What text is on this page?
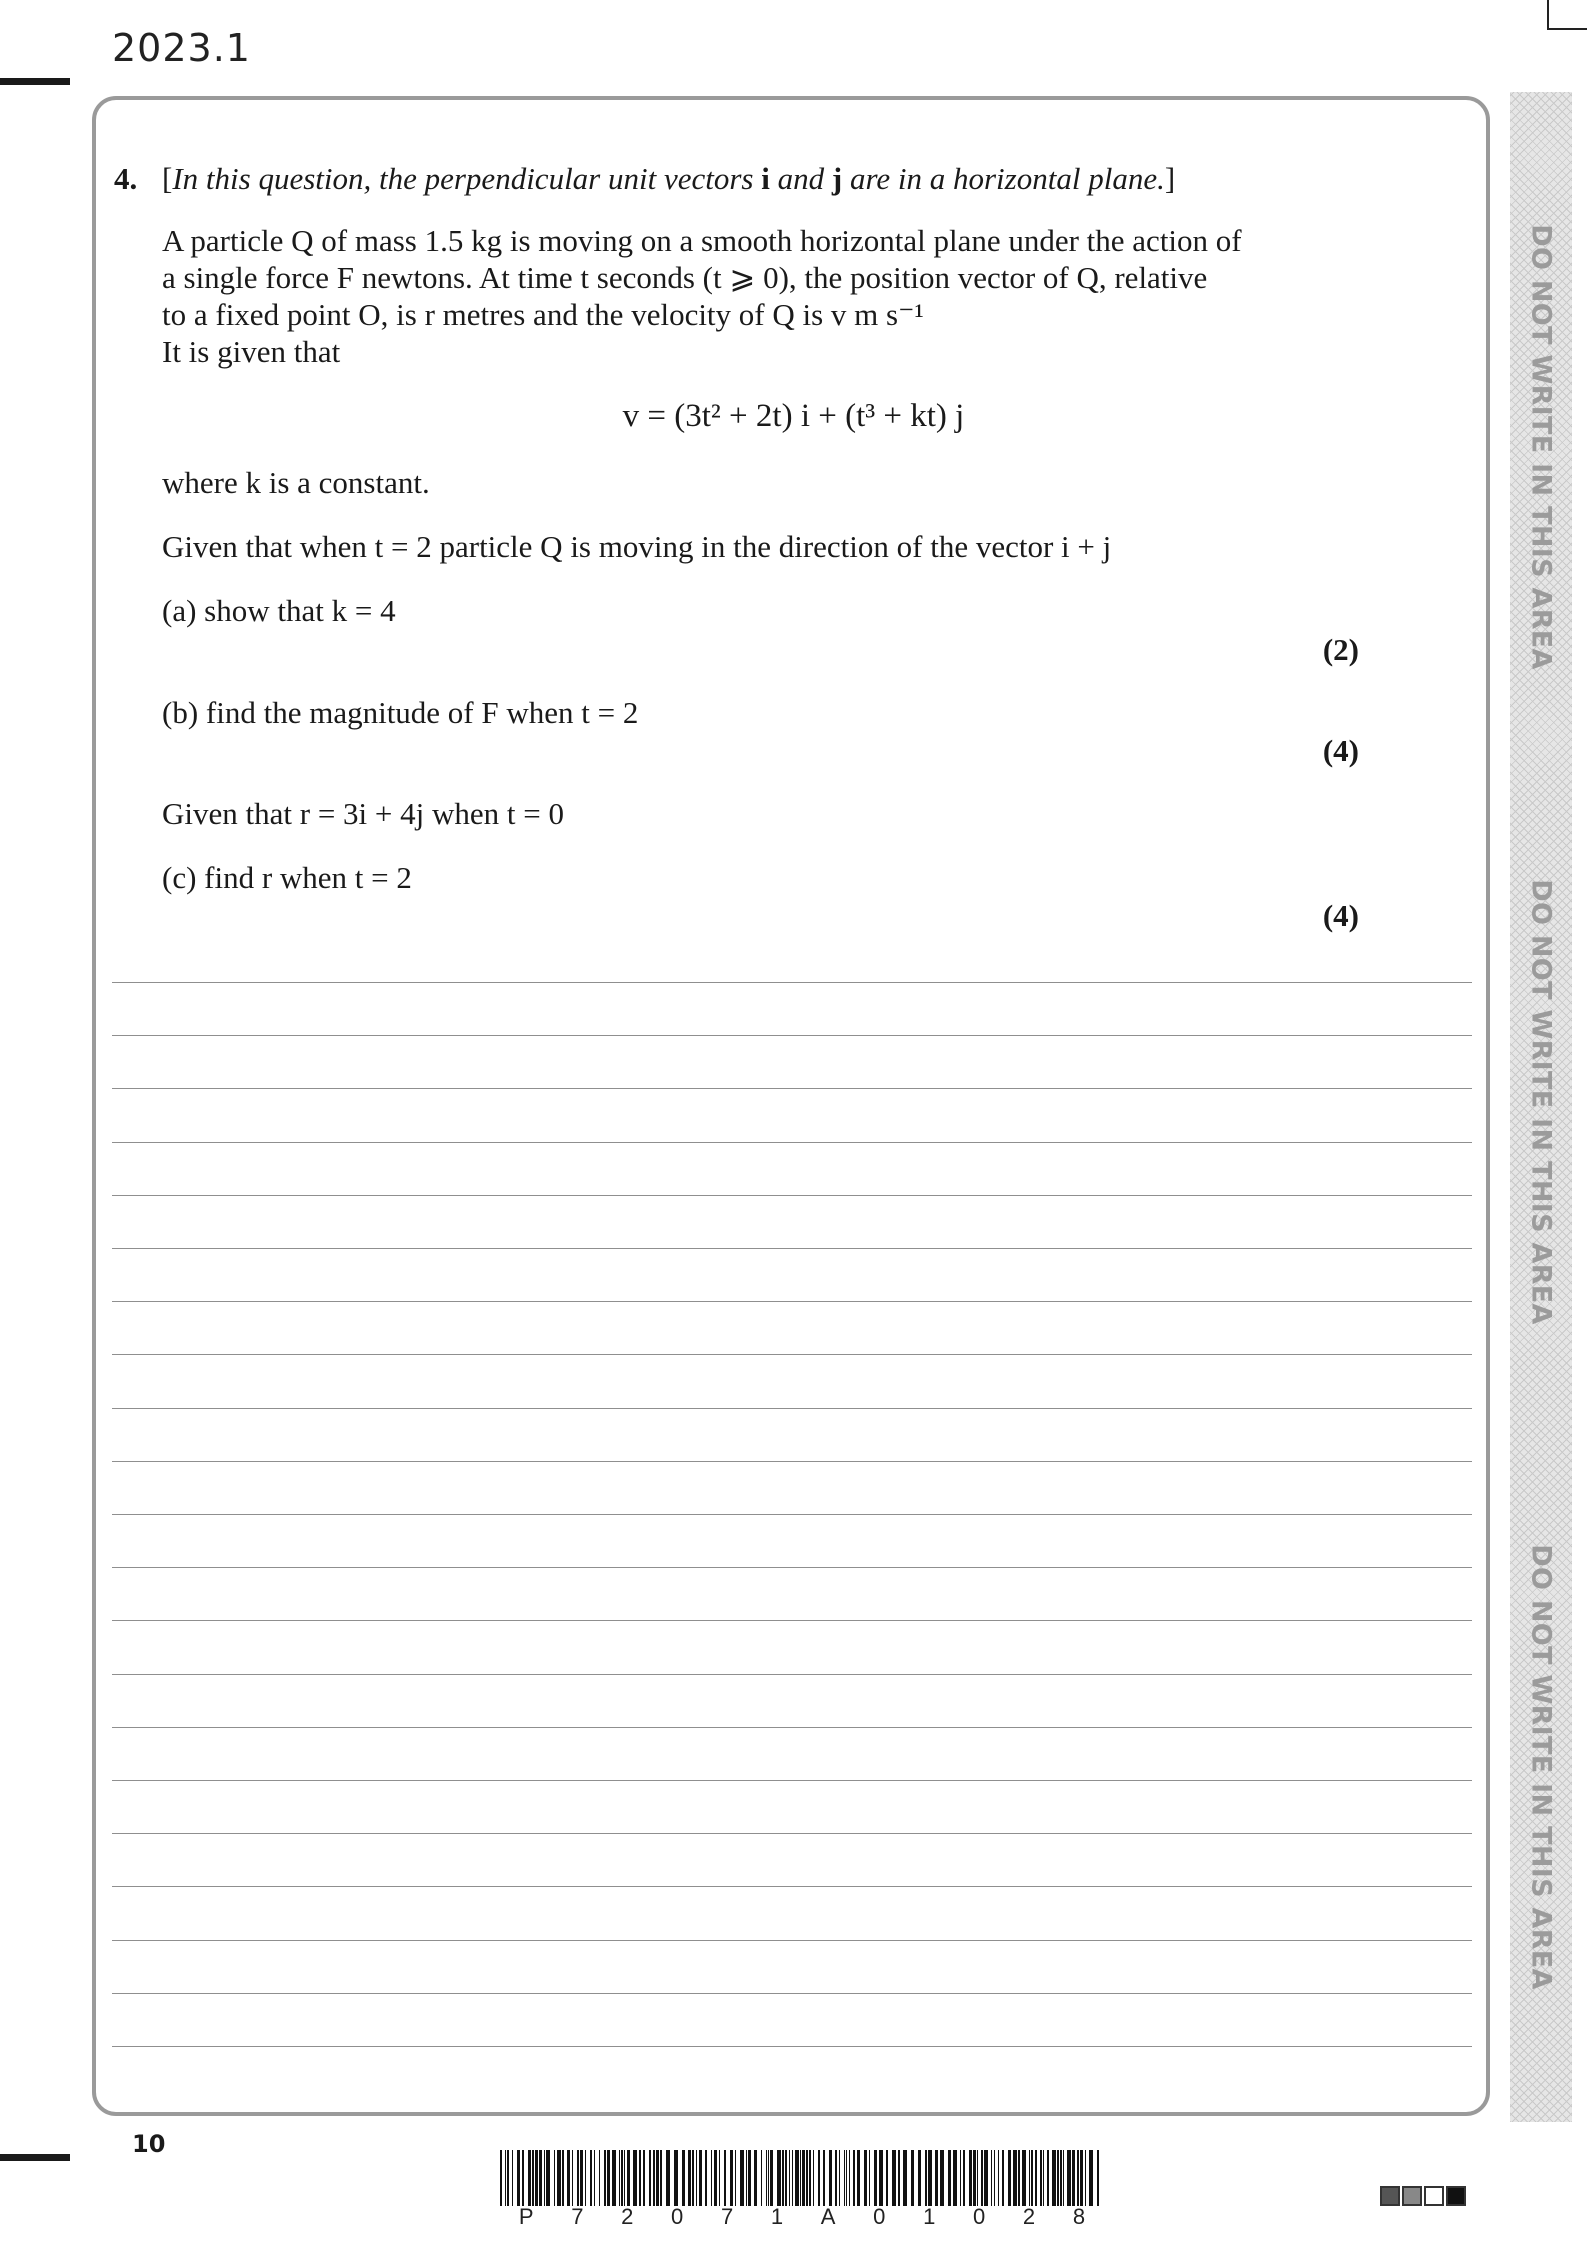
2023.1
DO NOT WRITE IN THIS AREA
DO NOT WRITE IN THIS AREA
DO NOT WRITE IN THIS AREA
4. [In this question, the perpendicular unit vectors i and j are in a horizontal plane.]
A particle Q of mass 1.5 kg is moving on a smooth horizontal plane under the action of
a single force F newtons. At time t seconds (t ⩾ 0), the position vector of Q, relative
to a fixed point O, is r metres and the velocity of Q is v m s⁻¹
It is given that
v = (3t² + 2t) i + (t³ + kt) j
where k is a constant.
Given that when t = 2 particle Q is moving in the direction of the vector i + j
(a) show that k = 4
(2)
(b) find the magnitude of F when t = 2
(4)
Given that r = 3i + 4j when t = 0
(c) find r when t = 2
(4)
10
P 7 2 0 7 1 A 0 1 0 2 8
